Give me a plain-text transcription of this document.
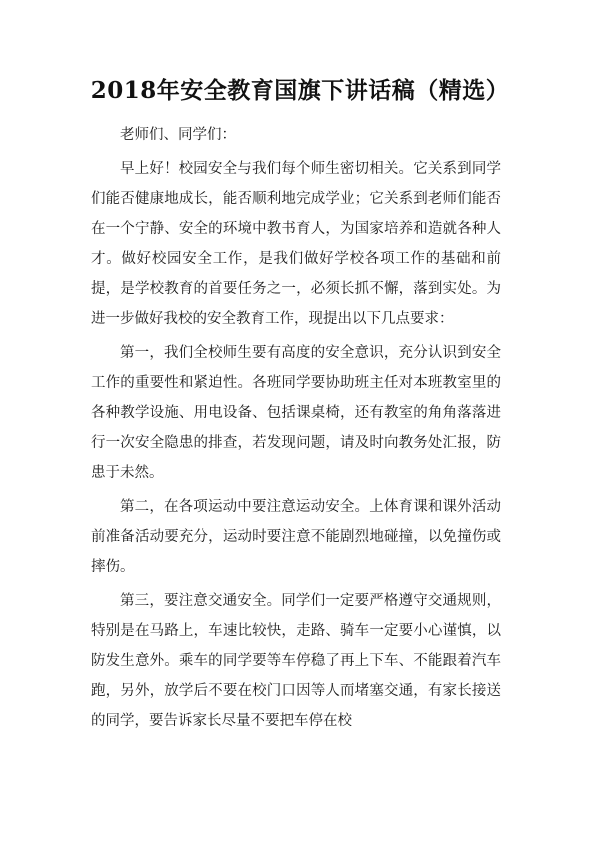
2018年安全教育国旗下讲话稿（精选）

老师们、同学们：

早上好！校园安全与我们每个师生密切相关。它关系到同学们能否健康地成长，能否顺利地完成学业；它关系到老师们能否在一个宁静、安全的环境中教书育人，为国家培养和造就各种人才。做好校园安全工作，是我们做好学校各项工作的基础和前提，是学校教育的首要任务之一，必须长抓不懈，落到实处。为进一步做好我校的安全教育工作，现提出以下几点要求：

第一，我们全校师生要有高度的安全意识，充分认识到安全工作的重要性和紧迫性。各班同学要协助班主任对本班教室里的各种教学设施、用电设备、包括课桌椅，还有教室的角角落落进行一次安全隐患的排查，若发现问题，请及时向教务处汇报，防患于未然。

第二，在各项运动中要注意运动安全。上体育课和课外活动前准备活动要充分，运动时要注意不能剧烈地碰撞，以免撞伤或摔伤。

第三，要注意交通安全。同学们一定要严格遵守交通规则，特别是在马路上，车速比较快，走路、骑车一定要小心谨慎，以防发生意外。乘车的同学要等车停稳了再上下车、不能跟着汽车跑，另外，放学后不要在校门口因等人而堵塞交通，有家长接送的同学，要告诉家长尽量不要把车停在校
